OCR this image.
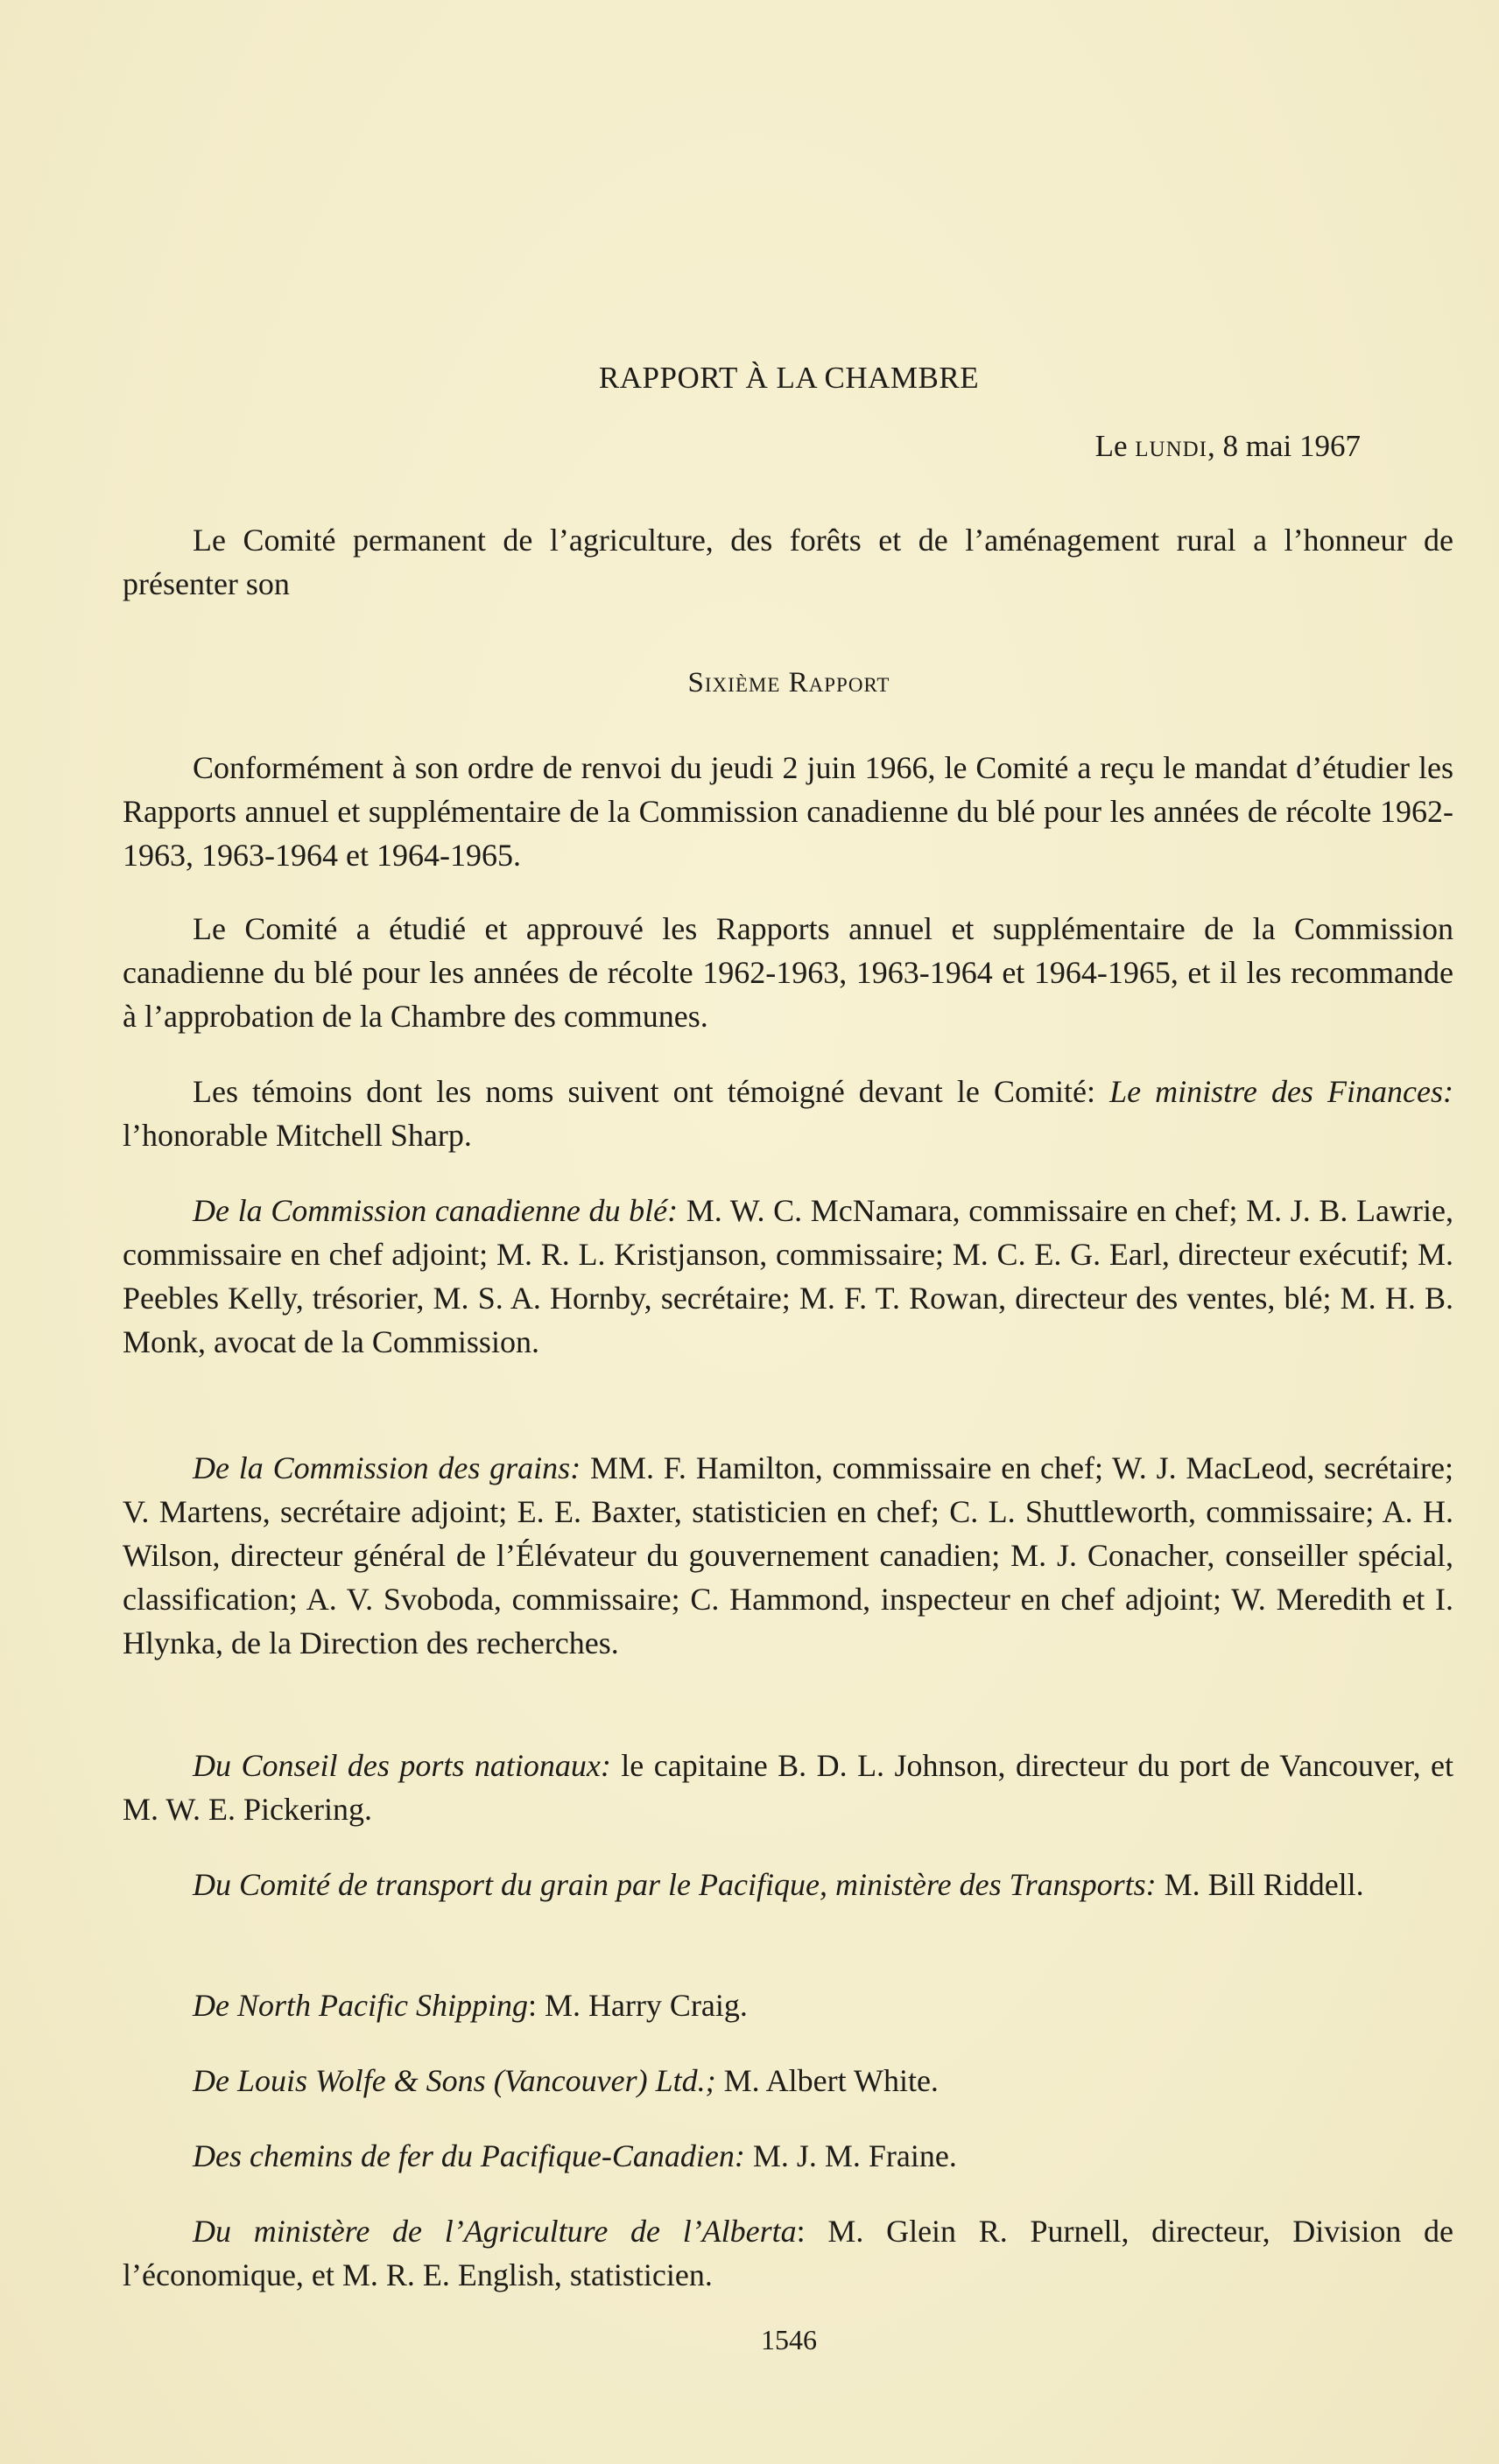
RAPPORT À LA CHAMBRE
Le lundi, 8 mai 1967
Le Comité permanent de l’agriculture, des forêts et de l’aménagement rural a l’honneur de présenter son
Sixième Rapport
Conformément à son ordre de renvoi du jeudi 2 juin 1966, le Comité a reçu le mandat d’étudier les Rapports annuel et supplémentaire de la Commission canadienne du blé pour les années de récolte 1962-1963, 1963-1964 et 1964-1965.
Le Comité a étudié et approuvé les Rapports annuel et supplémentaire de la Commission canadienne du blé pour les années de récolte 1962-1963, 1963-1964 et 1964-1965, et il les recommande à l’approbation de la Chambre des communes.
Les témoins dont les noms suivent ont témoigné devant le Comité: Le ministre des Finances: l’honorable Mitchell Sharp.
De la Commission canadienne du blé: M. W. C. McNamara, commissaire en chef; M. J. B. Lawrie, commissaire en chef adjoint; M. R. L. Kristjanson, commissaire; M. C. E. G. Earl, directeur exécutif; M. Peebles Kelly, trésorier, M. S. A. Hornby, secrétaire; M. F. T. Rowan, directeur des ventes, blé; M. H. B. Monk, avocat de la Commission.
De la Commission des grains: MM. F. Hamilton, commissaire en chef; W. J. MacLeod, secrétaire; V. Martens, secrétaire adjoint; E. E. Baxter, statisticien en chef; C. L. Shuttleworth, commissaire; A. H. Wilson, directeur général de l’Élévateur du gouvernement canadien; M. J. Conacher, conseiller spécial, classification; A. V. Svoboda, commissaire; C. Hammond, inspecteur en chef adjoint; W. Meredith et I. Hlynka, de la Direction des recherches.
Du Conseil des ports nationaux: le capitaine B. D. L. Johnson, directeur du port de Vancouver, et M. W. E. Pickering.
Du Comité de transport du grain par le Pacifique, ministère des Transports: M. Bill Riddell.
De North Pacific Shipping: M. Harry Craig.
De Louis Wolfe & Sons (Vancouver) Ltd.; M. Albert White.
Des chemins de fer du Pacifique-Canadien: M. J. M. Fraine.
Du ministère de l’Agriculture de l’Alberta: M. Glein R. Purnell, directeur, Division de l’économique, et M. R. E. English, statisticien.
1546
